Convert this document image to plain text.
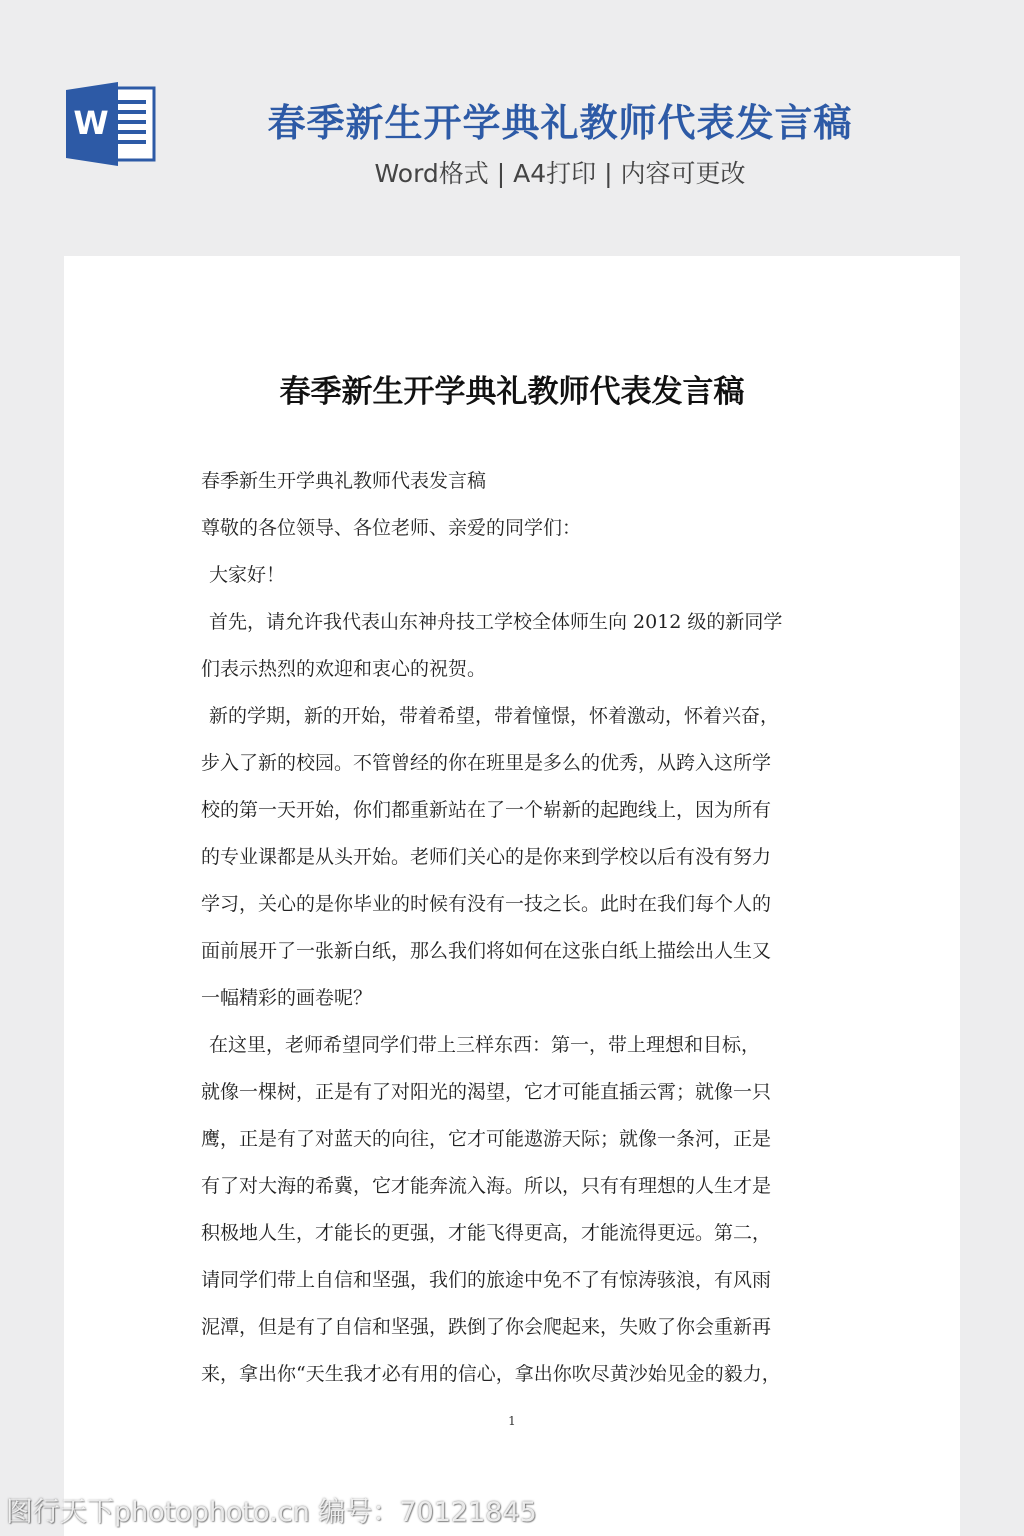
W	春季新生开学典礼教师代表发言稿
Word格式 | A4打印 | 内容可更改
春季新生开学典礼教师代表发言稿

春季新生开学典礼教师代表发言稿

尊敬的各位领导、各位老师、亲爱的同学们：

大家好！

首先，请允许我代表山东神舟技工学校全体师生向 2012 级的新同学

们表示热烈的欢迎和衷心的祝贺。

新的学期，新的开始，带着希望，带着憧憬，怀着激动，怀着兴奋，

步入了新的校园。不管曾经的你在班里是多么的优秀，从跨入这所学

校的第一天开始，你们都重新站在了一个崭新的起跑线上，因为所有

的专业课都是从头开始。老师们关心的是你来到学校以后有没有努力

学习，关心的是你毕业的时候有没有一技之长。此时在我们每个人的

面前展开了一张新白纸，那么我们将如何在这张白纸上描绘出人生又

一幅精彩的画卷呢？

在这里，老师希望同学们带上三样东西：第一，带上理想和目标，

就像一棵树，正是有了对阳光的渴望，它才可能直插云霄；就像一只

鹰，正是有了对蓝天的向往，它才可能遨游天际；就像一条河，正是

有了对大海的希冀，它才能奔流入海。所以，只有有理想的人生才是

积极地人生，才能长的更强，才能飞得更高，才能流得更远。第二，

请同学们带上自信和坚强，我们的旅途中免不了有惊涛骇浪，有风雨

泥潭，但是有了自信和坚强，跌倒了你会爬起来，失败了你会重新再

来，拿出你“天生我才必有用的信心，拿出你吹尽黄沙始见金的毅力，

1
图行天下photophoto.cn 编号：70121845
